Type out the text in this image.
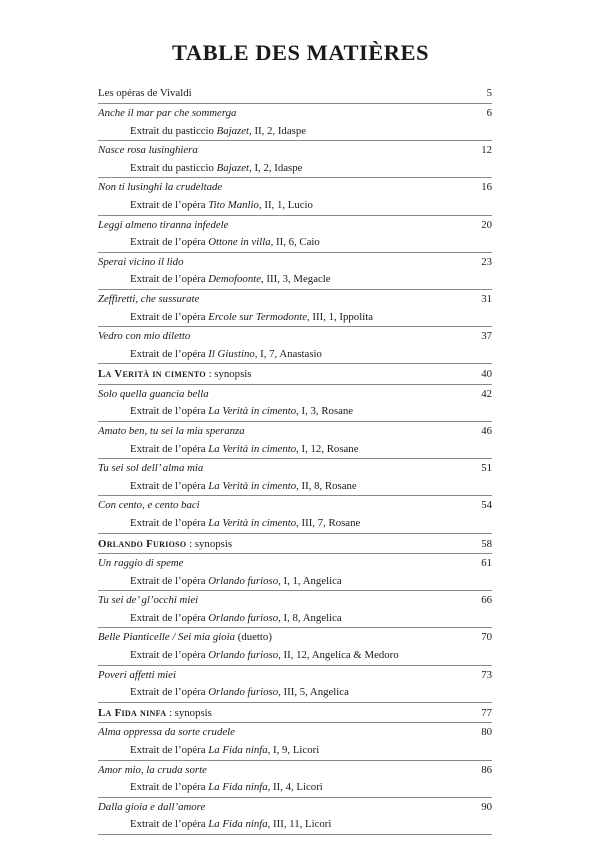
TABLE DES MATIÈRES
Les opéras de Vivaldi	5
Anche il mar par che sommerga	6
Extrait du pasticcio Bajazet, II, 2, Idaspe
Nasce rosa lusinghiera	12
Extrait du pasticcio Bajazet, I, 2, Idaspe
Non ti lusinghi la crudeltade	16
Extrait de l’opéra Tito Manlio, II, 1, Lucio
Leggi almeno tiranna infedele	20
Extrait de l’opéra Ottone in villa, II, 6, Caio
Sperai vicino il lido	23
Extrait de l’opéra Demofoonte, III, 3, Megacle
Zeffiretti, che sussurate	31
Extrait de l’opéra Ercole sur Termodonte, III, 1, Ippolita
Vedro con mio diletto	37
Extrait de l’opéra Il Giustino, I, 7, Anastasio
La Verità in cimento : synopsis	40
Solo quella guancia bella	42
Extrait de l’opéra La Verità in cimento, I, 3, Rosane
Amato ben, tu sei la mia speranza	46
Extrait de l’opéra La Verità in cimento, I, 12, Rosane
Tu sei sol dell’ alma mia	51
Extrait de l’opéra La Verità in cimento, II, 8, Rosane
Con cento, e cento baci	54
Extrait de l’opéra La Verità in cimento, III, 7, Rosane
Orlando Furioso : synopsis	58
Un raggio di speme	61
Extrait de l’opéra Orlando furioso, I, 1, Angelica
Tu sei de’ gl’occhi miei	66
Extrait de l’opéra Orlando furioso, I, 8, Angelica
Belle Pianticelle / Sei mia gioia (duetto)	70
Extrait de l’opéra Orlando furioso, II, 12, Angelica & Medoro
Poveri affetti miei	73
Extrait de l’opéra Orlando furioso, III, 5, Angelica
La Fida ninfa : synopsis	77
Alma oppressa da sorte crudele	80
Extrait de l’opéra La Fida ninfa, I, 9, Licori
Amor mio, la cruda sorte	86
Extrait de l’opéra La Fida ninfa, II, 4, Licori
Dalla gioia e dall’amore	90
Extrait de l’opéra La Fida ninfa, III, 11, Licori
